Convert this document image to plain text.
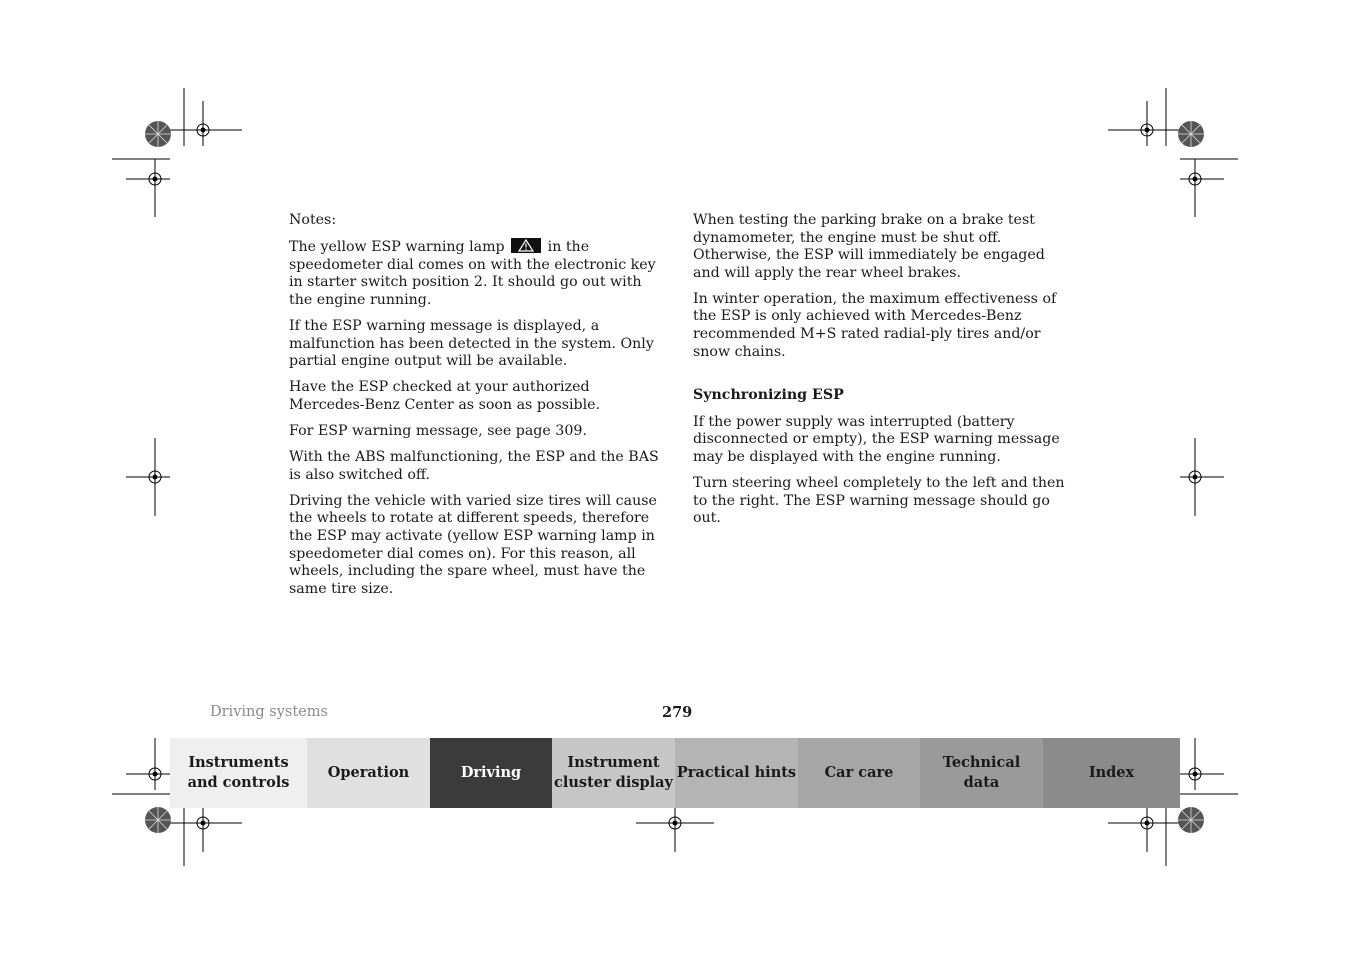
Notes:

The yellow ESP warning lamp	in the speedometer dial comes on with the electronic key in starter switch position 2. It should go out with the engine running.

If the ESP warning message is displayed, a malfunction has been detected in the system. Only partial engine output will be available.

Have the ESP checked at your authorized Mercedes-Benz Center as soon as possible.

For ESP warning message, see page 309.

With the ABS malfunctioning, the ESP and the BAS is also switched off.

Driving the vehicle with varied size tires will cause the wheels to rotate at different speeds, therefore the ESP may activate (yellow ESP warning lamp in speedometer dial comes on). For this reason, all wheels, including the spare wheel, must have the same tire size.

When testing the parking brake on a brake test dynamometer, the engine must be shut off. Otherwise, the ESP will immediately be engaged and will apply the rear wheel brakes.

In winter operation, the maximum effectiveness of the ESP is only achieved with Mercedes-Benz recommended M+S rated radial-ply tires and/or snow chains.

Synchronizing ESP

If the power supply was interrupted (battery disconnected or empty), the ESP warning message may be displayed with the engine running.

Turn steering wheel completely to the left and then to the right. The ESP warning message should go out.

Driving systems	279
Instruments
and controls
Operation	Driving
Instrument
cluster display
Practical hints	Car care
Technical
data
Index
